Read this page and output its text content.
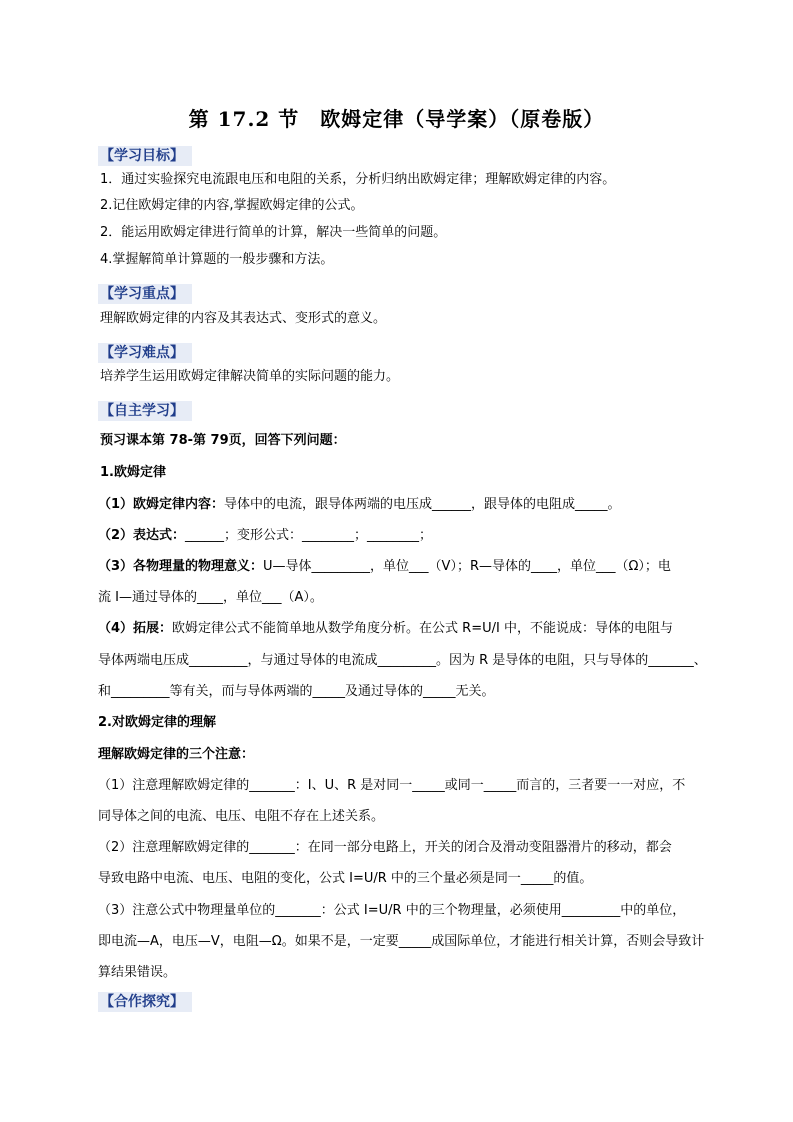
第 17.2 节　欧姆定律（导学案）（原卷版）
【学习目标】
1．通过实验探究电流跟电压和电阻的关系，分析归纳出欧姆定律；理解欧姆定律的内容。
2.记住欧姆定律的内容,掌握欧姆定律的公式。
2．能运用欧姆定律进行简单的计算，解决一些简单的问题。
4.掌握解简单计算题的一般步骤和方法。
【学习重点】
理解欧姆定律的内容及其表达式、变形式的意义。
【学习难点】
培养学生运用欧姆定律解决简单的实际问题的能力。
【自主学习】
预习课本第 78-第 79页，回答下列问题：
1.欧姆定律
（1）欧姆定律内容：导体中的电流，跟导体两端的电压成______，跟导体的电阻成_____。
（2）表达式：______；变形公式：________；________；
（3）各物理量的物理意义：U—导体_________，单位___（V）；R—导体的____，单位___（Ω）；电
流 I—通过导体的____，单位___（A）。
（4）拓展：欧姆定律公式不能简单地从数学角度分析。在公式 R=U/I 中，不能说成：导体的电阻与
导体两端电压成_________，与通过导体的电流成_________。因为 R 是导体的电阻，只与导体的_______、
和_________等有关，而与导体两端的_____及通过导体的_____无关。
2.对欧姆定律的理解
理解欧姆定律的三个注意：
（1）注意理解欧姆定律的_______：I、U、R 是对同一_____或同一_____而言的，三者要一一对应，不
同导体之间的电流、电压、电阻不存在上述关系。
（2）注意理解欧姆定律的_______：在同一部分电路上，开关的闭合及滑动变阻器滑片的移动，都会
导致电路中电流、电压、电阻的变化，公式 I=U/R 中的三个量必须是同一_____的值。
（3）注意公式中物理量单位的_______：公式 I=U/R 中的三个物理量，必须使用_________中的单位，
即电流—A，电压—V，电阻—Ω。如果不是，一定要_____成国际单位，才能进行相关计算，否则会导致计
算结果错误。
【合作探究】
